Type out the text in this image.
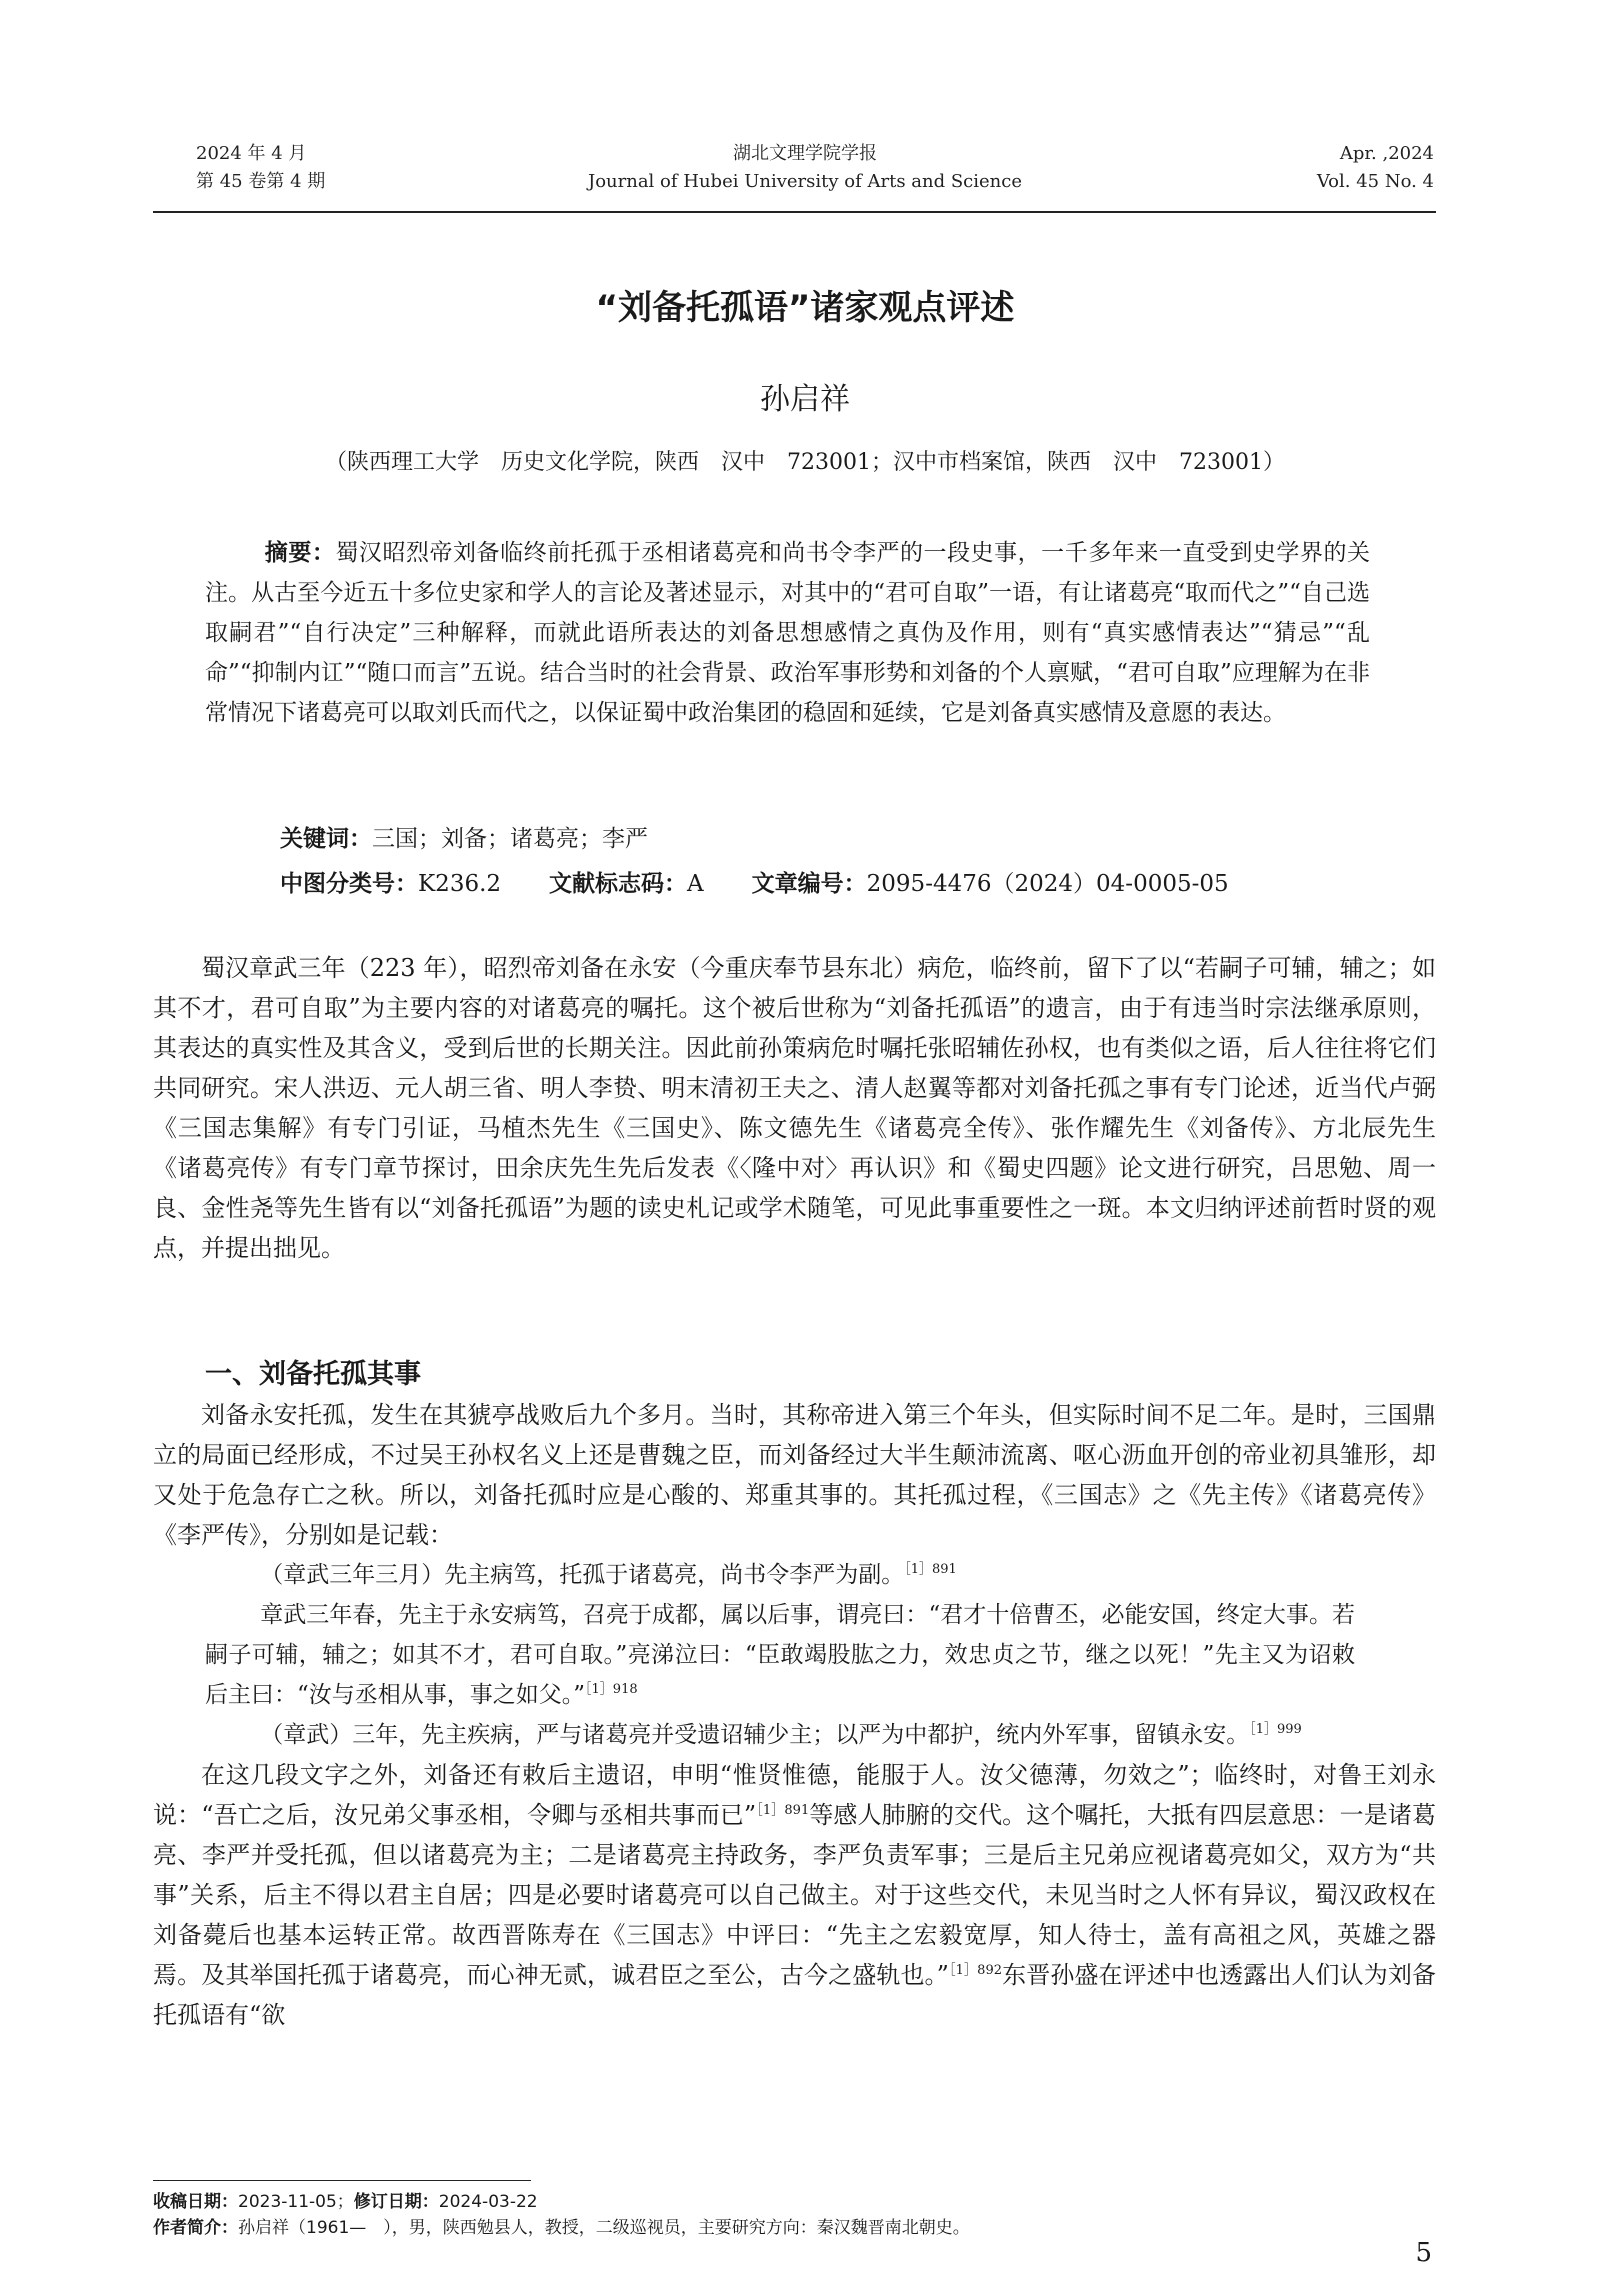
2024 年 4 月
第 45 卷第 4 期
湖北文理学院学报
Journal of Hubei University of Arts and Science
Apr. ,2024
Vol. 45 No. 4
“刘备托孤语”诸家观点评述
孙启祥
（陕西理工大学　历史文化学院，陕西　汉中　723001；汉中市档案馆，陕西　汉中　723001）

摘要：蜀汉昭烈帝刘备临终前托孤于丞相诸葛亮和尚书令李严的一段史事，一千多年来一直受到史学界的关注。从古至今近五十多位史家和学人的言论及著述显示，对其中的“君可自取”一语，有让诸葛亮“取而代之”“自己选取嗣君”“自行决定”三种解释，而就此语所表达的刘备思想感情之真伪及作用，则有“真实感情表达”“猜忌”“乱命”“抑制内讧”“随口而言”五说。结合当时的社会背景、政治军事形势和刘备的个人禀赋，“君可自取”应理解为在非常情况下诸葛亮可以取刘氏而代之，以保证蜀中政治集团的稳固和延续，它是刘备真实感情及意愿的表达。

关键词：三国；刘备；诸葛亮；李严
中图分类号：K236.2 文献标志码：A 文章编号：2095-4476（2024）04-0005-05

蜀汉章武三年（223 年），昭烈帝刘备在永安（今重庆奉节县东北）病危，临终前，留下了以“若嗣子可辅，辅之；如其不才，君可自取”为主要内容的对诸葛亮的嘱托。这个被后世称为“刘备托孤语”的遗言，由于有违当时宗法继承原则，其表达的真实性及其含义，受到后世的长期关注。因此前孙策病危时嘱托张昭辅佐孙权，也有类似之语，后人往往将它们共同研究。宋人洪迈、元人胡三省、明人李贽、明末清初王夫之、清人赵翼等都对刘备托孤之事有专门论述，近当代卢弼《三国志集解》有专门引证，马植杰先生《三国史》、陈文德先生《诸葛亮全传》、张作耀先生《刘备传》、方北辰先生《诸葛亮传》有专门章节探讨，田余庆先生先后发表《〈隆中对〉再认识》和《蜀史四题》论文进行研究，吕思勉、周一良、金性尧等先生皆有以“刘备托孤语”为题的读史札记或学术随笔，可见此事重要性之一斑。本文归纳评述前哲时贤的观点，并提出拙见。

一、刘备托孤其事

刘备永安托孤，发生在其猇亭战败后九个多月。当时，其称帝进入第三个年头，但实际时间不足二年。是时，三国鼎立的局面已经形成，不过吴王孙权名义上还是曹魏之臣，而刘备经过大半生颠沛流离、呕心沥血开创的帝业初具雏形，却又处于危急存亡之秋。所以，刘备托孤时应是心酸的、郑重其事的。其托孤过程，《三国志》之《先主传》《诸葛亮传》《李严传》，分别如是记载：

（章武三年三月）先主病笃，托孤于诸葛亮，尚书令李严为副。$^{[1]891}$

章武三年春，先主于永安病笃，召亮于成都，属以后事，谓亮曰：“君才十倍曹丕，必能安国，终定大事。若嗣子可辅，辅之；如其不才，君可自取。”亮涕泣曰：“臣敢竭股肱之力，效忠贞之节，继之以死！”先主又为诏敕后主曰：“汝与丞相从事，事之如父。”$^{[1]918}$

（章武）三年，先主疾病，严与诸葛亮并受遗诏辅少主；以严为中都护，统内外军事，留镇永安。$^{[1]999}$

在这几段文字之外，刘备还有敕后主遗诏，申明“惟贤惟德，能服于人。汝父德薄，勿效之”；临终时，对鲁王刘永说：“吾亡之后，汝兄弟父事丞相，令卿与丞相共事而已”$^{[1]891}$等感人肺腑的交代。这个嘱托，大抵有四层意思：一是诸葛亮、李严并受托孤，但以诸葛亮为主；二是诸葛亮主持政务，李严负责军事；三是后主兄弟应视诸葛亮如父，双方为“共事”关系，后主不得以君主自居；四是必要时诸葛亮可以自己做主。对于这些交代，未见当时之人怀有异议，蜀汉政权在刘备薨后也基本运转正常。故西晋陈寿在《三国志》中评曰：“先主之宏毅宽厚，知人待士，盖有高祖之风，英雄之器焉。及其举国托孤于诸葛亮，而心神无贰，诚君臣之至公，古今之盛轨也。”$^{[1]892}$东晋孙盛在评述中也透露出人们认为刘备托孤语有“欲

收稿日期：2023-11-05；修订日期：2024-03-22
作者简介：孙启祥（1961—　），男，陕西勉县人，教授，二级巡视员，主要研究方向：秦汉魏晋南北朝史。
5
